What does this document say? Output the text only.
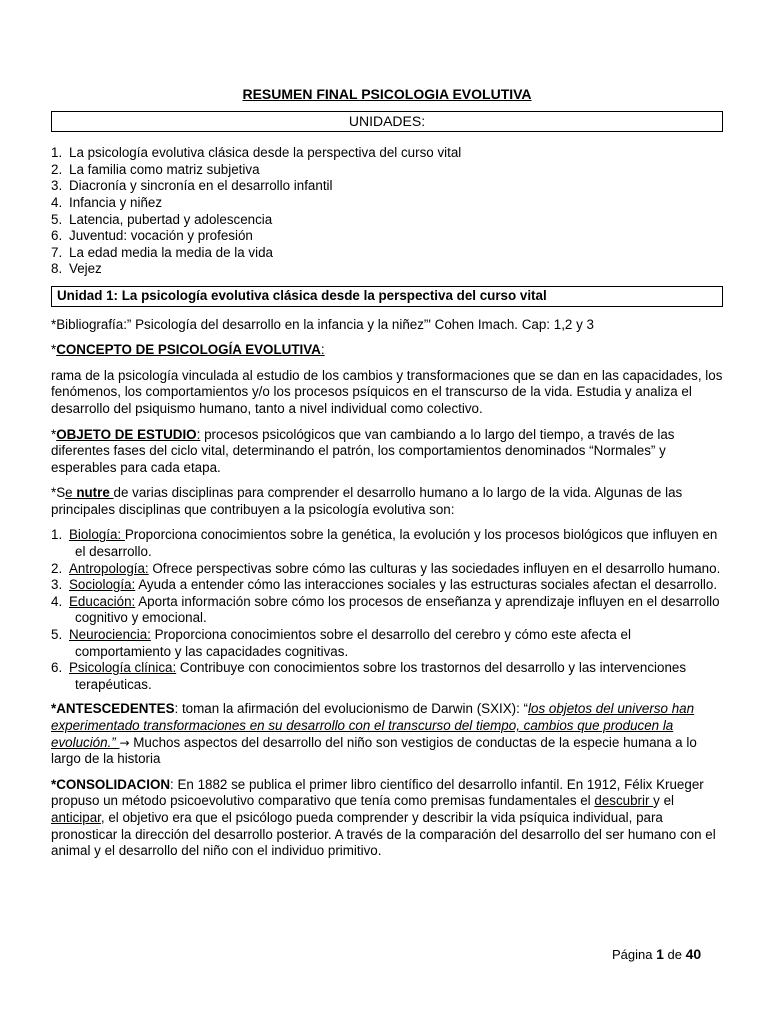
RESUMEN FINAL PSICOLOGIA EVOLUTIVA
UNIDADES:
1. La psicología evolutiva clásica desde la perspectiva del curso vital
2. La familia como matriz subjetiva
3. Diacronía y sincronía en el desarrollo infantil
4. Infancia y niñez
5. Latencia, pubertad y adolescencia
6. Juventud: vocación y profesión
7. La edad media la media de la vida
8. Vejez
Unidad 1: La psicología evolutiva clásica desde la perspectiva del curso vital

*Bibliografía:” Psicología del desarrollo en la infancia y la niñez”' Cohen Imach. Cap: 1,2 y 3

*CONCEPTO DE PSICOLOGÍA EVOLUTIVA:

rama de la psicología vinculada al estudio de los cambios y transformaciones que se dan en las capacidades, los fenómenos, los comportamientos y/o los procesos psíquicos en el transcurso de la vida. Estudia y analiza el desarrollo del psiquismo humano, tanto a nivel individual como colectivo.

*OBJETO DE ESTUDIO: procesos psicológicos que van cambiando a lo largo del tiempo, a través de las diferentes fases del ciclo vital, determinando el patrón, los comportamientos denominados “Normales” y esperables para cada etapa.

*Se nutre de varias disciplinas para comprender el desarrollo humano a lo largo de la vida. Algunas de las principales disciplinas que contribuyen a la psicología evolutiva son:

1. Biología: Proporciona conocimientos sobre la genética, la evolución y los procesos biológicos que influyen en el desarrollo.
2. Antropología: Ofrece perspectivas sobre cómo las culturas y las sociedades influyen en el desarrollo humano.
3. Sociología: Ayuda a entender cómo las interacciones sociales y las estructuras sociales afectan el desarrollo.
4. Educación: Aporta información sobre cómo los procesos de enseñanza y aprendizaje influyen en el desarrollo cognitivo y emocional.
5. Neurociencia: Proporciona conocimientos sobre el desarrollo del cerebro y cómo este afecta el comportamiento y las capacidades cognitivas.
6. Psicología clínica: Contribuye con conocimientos sobre los trastornos del desarrollo y las intervenciones terapéuticas.

*ANTESCEDENTES: toman la afirmación del evolucionismo de Darwin (SXIX): “los objetos del universo han experimentado transformaciones en su desarrollo con el transcurso del tiempo, cambios que producen la evolución.” → Muchos aspectos del desarrollo del niño son vestigios de conductas de la especie humana a lo largo de la historia

*CONSOLIDACION: En 1882 se publica el primer libro científico del desarrollo infantil. En 1912, Félix Krueger propuso un método psicoevolutivo comparativo que tenía como premisas fundamentales el descubrir y el anticipar, el objetivo era que el psicólogo pueda comprender y describir la vida psíquica individual, para pronosticar la dirección del desarrollo posterior. A través de la comparación del desarrollo del ser humano con el animal y el desarrollo del niño con el individuo primitivo.

Página 1 de 40
